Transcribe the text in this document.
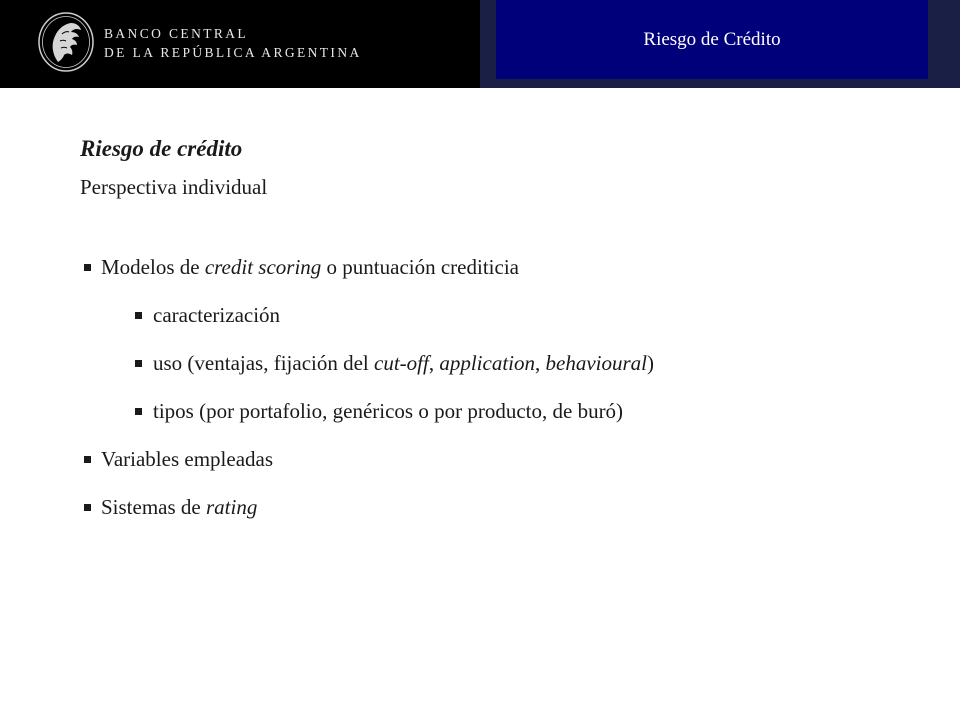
BANCO CENTRAL
DE LA REPÚBLICA ARGENTINA
Riesgo de Crédito
Riesgo de crédito
Perspectiva individual
Modelos de credit scoring o puntuación crediticia
caracterización
uso (ventajas, fijación del cut-off, application, behavioural)
tipos (por portafolio, genéricos o por producto, de buró)
Variables empleadas
Sistemas de rating
